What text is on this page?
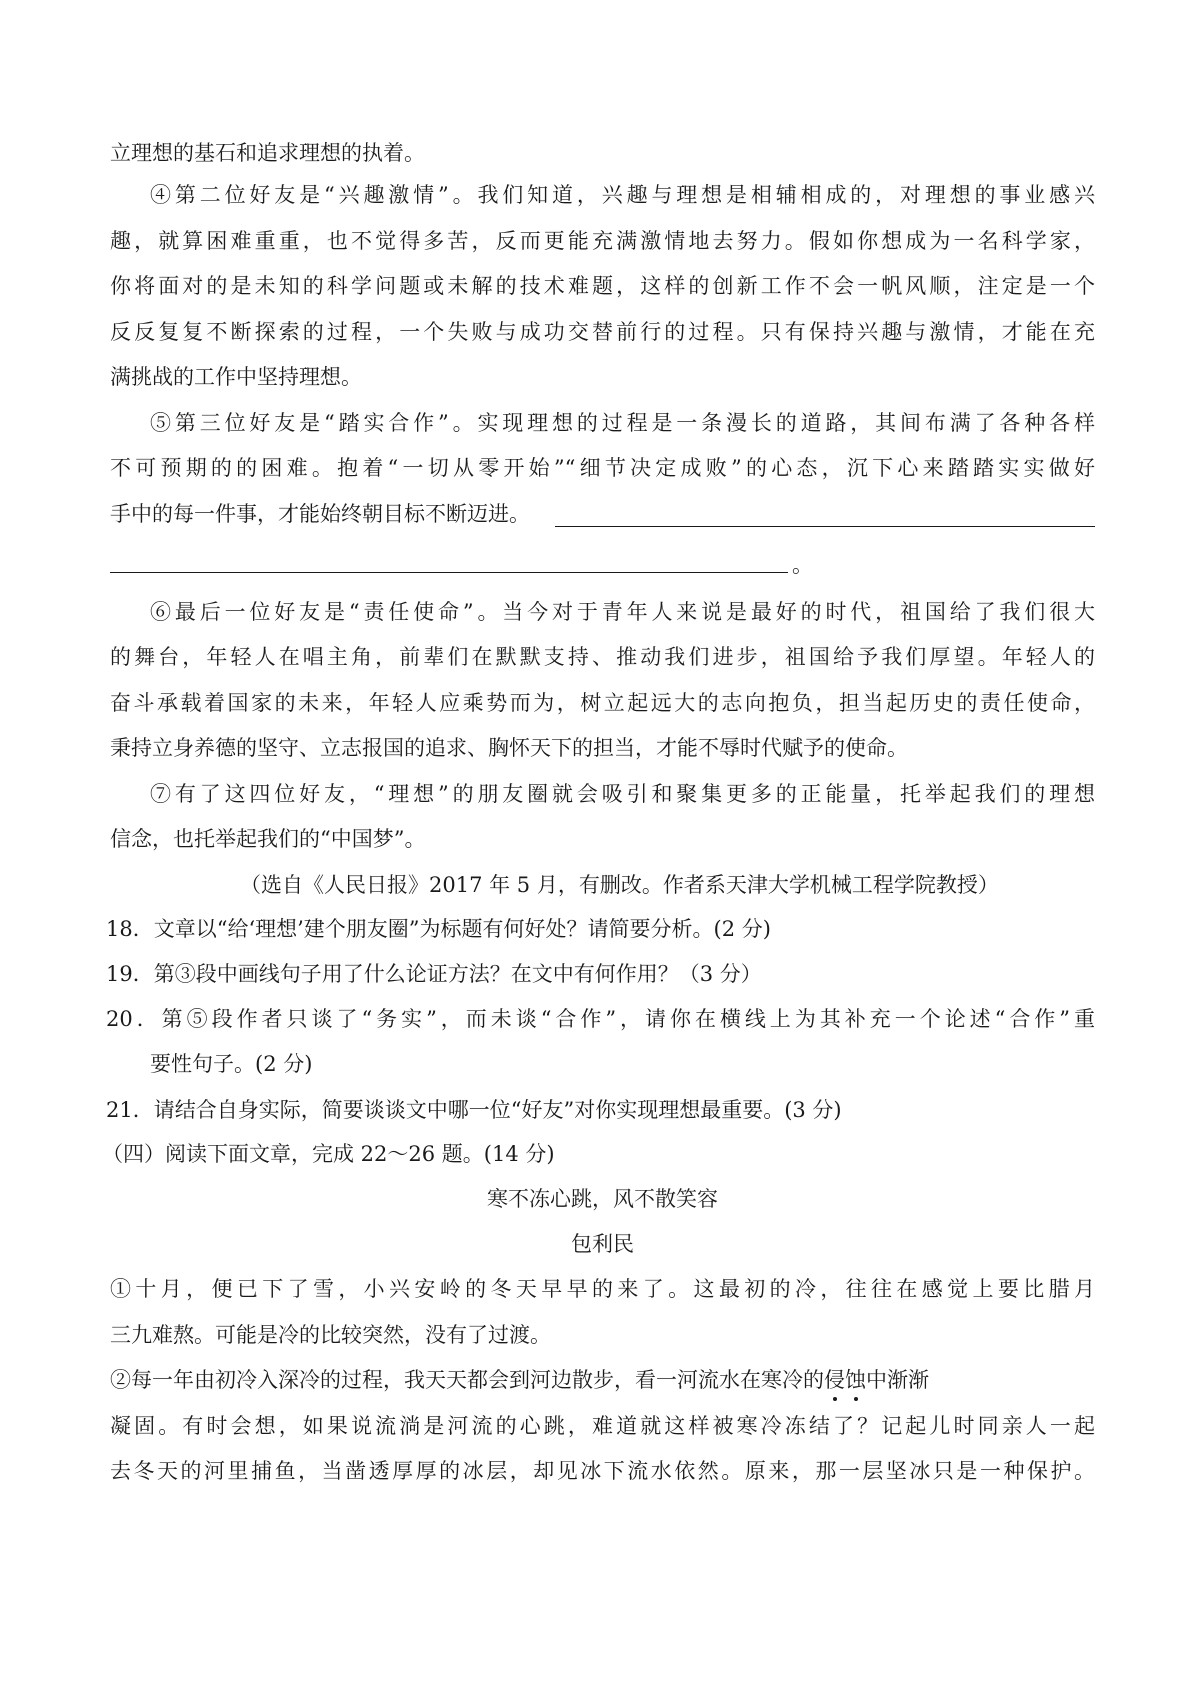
立理想的基石和追求理想的执着。
④第二位好友是“兴趣激情”。我们知道，兴趣与理想是相辅相成的，对理想的事业感兴
趣，就算困难重重，也不觉得多苦，反而更能充满激情地去努力。假如你想成为一名科学家，
你将面对的是未知的科学问题或未解的技术难题，这样的创新工作不会一帆风顺，注定是一个
反反复复不断探索的过程，一个失败与成功交替前行的过程。只有保持兴趣与激情，才能在充
满挑战的工作中坚持理想。
⑤第三位好友是“踏实合作”。实现理想的过程是一条漫长的道路，其间布满了各种各样
不可预期的的困难。抱着“一切从零开始”“细节决定成败”的心态，沉下心来踏踏实实做好
手中的每一件事，才能始终朝目标不断迈进。
。
⑥最后一位好友是“责任使命”。当今对于青年人来说是最好的时代，祖国给了我们很大
的舞台，年轻人在唱主角，前辈们在默默支持、推动我们进步，祖国给予我们厚望。年轻人的
奋斗承载着国家的未来，年轻人应乘势而为，树立起远大的志向抱负，担当起历史的责任使命，
秉持立身养德的坚守、立志报国的追求、胸怀天下的担当，才能不辱时代赋予的使命。
⑦有了这四位好友，“理想”的朋友圈就会吸引和聚集更多的正能量，托举起我们的理想
信念，也托举起我们的“中国梦”。
（选自《人民日报》2017 年 5 月，有删改。作者系天津大学机械工程学院教授）
18．文章以“给‘理想’建个朋友圈”为标题有何好处？请简要分析。(2 分)
19．第③段中画线句子用了什么论证方法？在文中有何作用？（3 分）
20．第⑤段作者只谈了“务实”，而未谈“合作”，请你在横线上为其补充一个论述“合作”重
要性句子。(2 分)
21．请结合自身实际，简要谈谈文中哪一位“好友”对你实现理想最重要。(3 分)
（四）阅读下面文章，完成 22～26 题。(14 分)
寒不冻心跳，风不散笑容
包利民
①十月，便已下了雪，小兴安岭的冬天早早的来了。这最初的冷，往往在感觉上要比腊月
三九难熬。可能是冷的比较突然，没有了过渡。
②每一年由初冷入深冷的过程，我天天都会到河边散步，看一河流水在寒冷的侵蚀中渐渐
凝固。有时会想，如果说流淌是河流的心跳，难道就这样被寒冷冻结了？记起儿时同亲人一起
去冬天的河里捕鱼，当凿透厚厚的冰层，却见冰下流水依然。原来，那一层坚冰只是一种保护。
